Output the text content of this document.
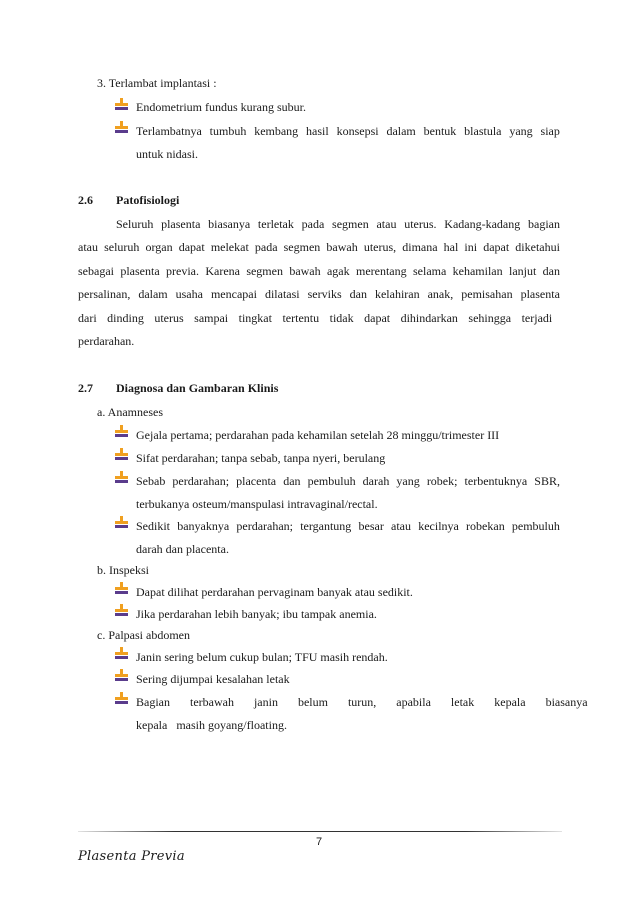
3. Terlambat implantasi :
Endometrium fundus kurang subur.
Terlambatnya tumbuh kembang hasil konsepsi dalam bentuk blastula yang siap
untuk nidasi.
2.6 Patofisiologi
Seluruh plasenta biasanya terletak pada segmen atau uterus. Kadang-kadang bagian
atau seluruh organ dapat melekat pada segmen bawah uterus, dimana hal ini dapat diketahui
sebagai plasenta previa. Karena segmen bawah agak merentang selama kehamilan lanjut dan
persalinan, dalam usaha mencapai dilatasi serviks dan kelahiran anak, pemisahan plasenta
dari dinding uterus sampai tingkat tertentu tidak dapat dihindarkan sehingga terjadi
perdarahan.
2.7 Diagnosa dan Gambaran Klinis
a. Anamneses
Gejala pertama; perdarahan pada kehamilan setelah 28 minggu/trimester III
Sifat perdarahan; tanpa sebab, tanpa nyeri, berulang
Sebab perdarahan; placenta dan pembuluh darah yang robek; terbentuknya SBR,
terbukanya osteum/manspulasi intravaginal/rectal.
Sedikit banyaknya perdarahan; tergantung besar atau kecilnya robekan pembuluh
darah dan placenta.
b. Inspeksi
Dapat dilihat perdarahan pervaginam banyak atau sedikit.
Jika perdarahan lebih banyak; ibu tampak anemia.
c. Palpasi abdomen
Janin sering belum cukup bulan; TFU masih rendah.
Sering dijumpai kesalahan letak
Bagian terbawah janin belum turun, apabila letak kepala biasanya
kepala   masih goyang/floating.
7
Plasenta Previa
